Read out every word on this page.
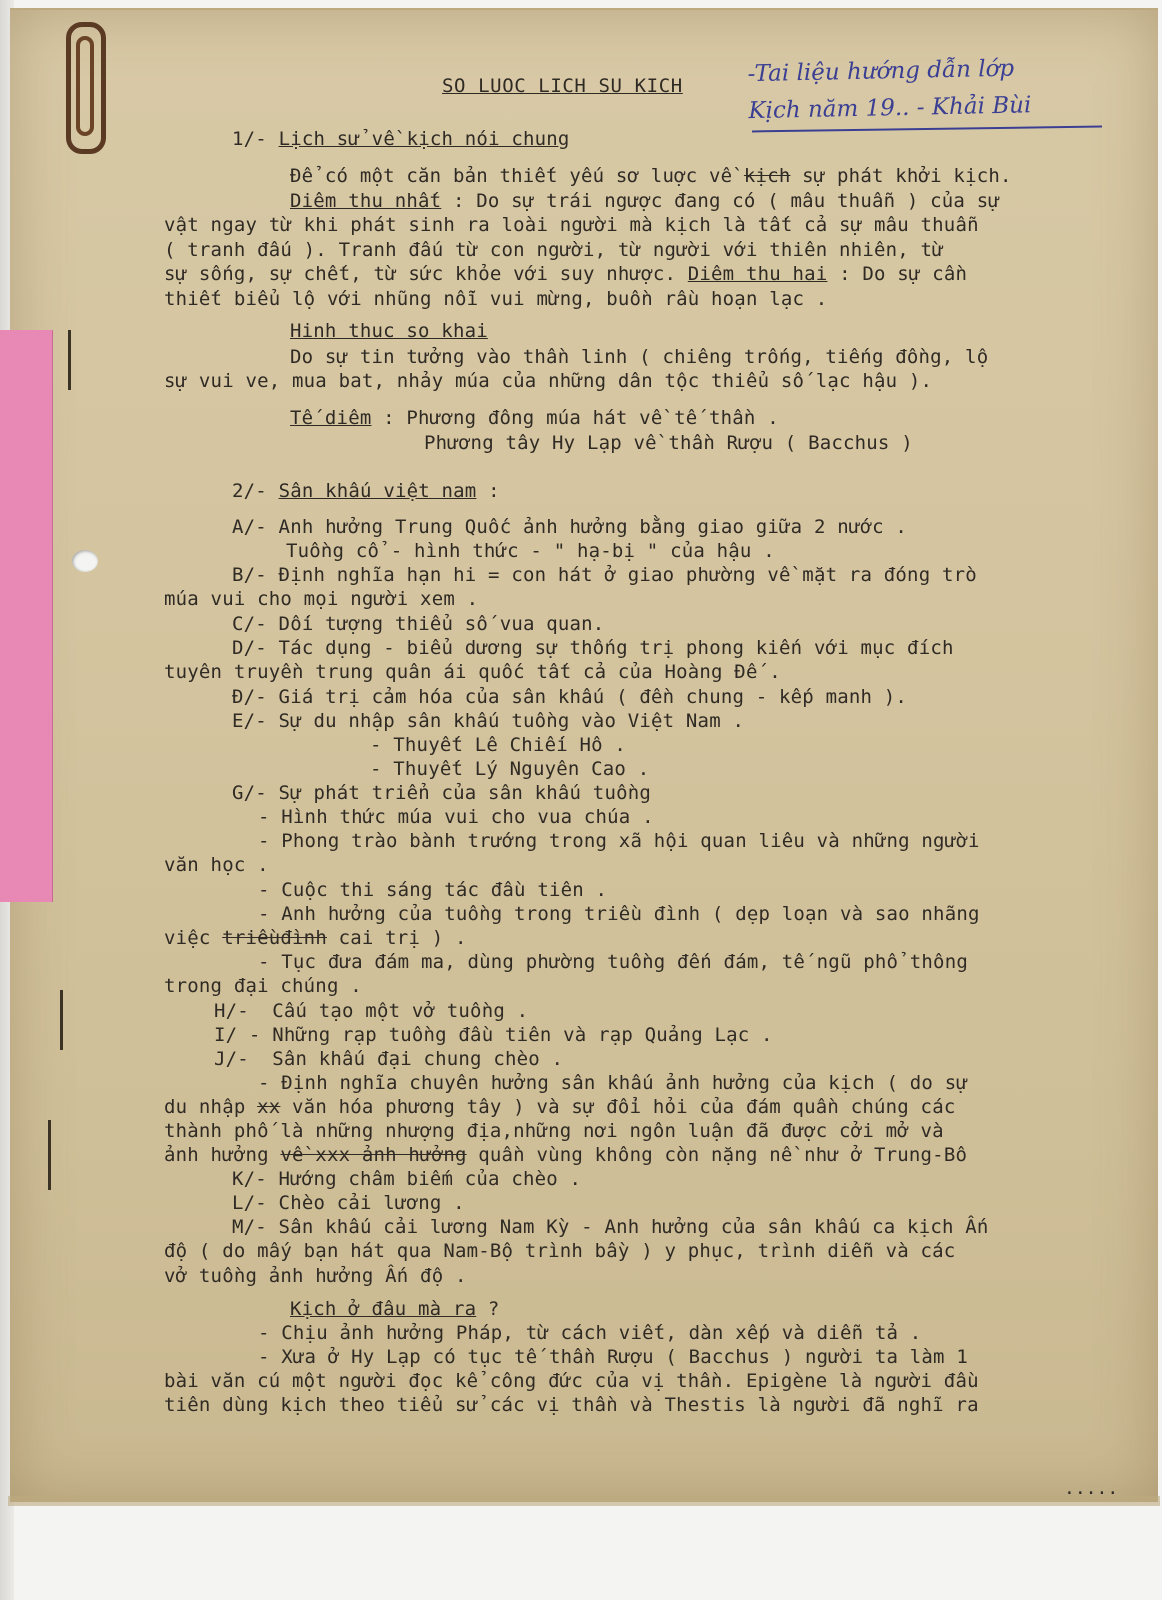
-Tai liệu hướng dẫn lớp
Kịch năm 19.. - Khải Bùi
SO LUOC LICH SU KICH
1/- Lịch sử về kịch nói chung
Để có một căn bản thiết yếu sơ luợc về kịch sự phát khởi kịch.
Diêm thu nhất : Do sự trái ngược đang có ( mâu thuẫn ) của sự
vật ngay từ khi phát sinh ra loài người mà kịch là tất cả sự mâu thuẫn
( tranh đấu ). Tranh đấu từ con người, từ người với thiên nhiên, từ
sự sống, sự chết, từ sức khỏe với suy nhược. Diêm thu hai : Do sự cần
thiết biểu lộ với nhũng nỗi vui mừng, buồn rầu hoạn lạc .
Hinh thuc so khai
Do sự tin tưởng vào thần linh ( chiêng trống, tiếng đồng, lộ
sự vui ve, mua bat, nhảy múa của những dân tộc thiểu số lạc hậu ).
Tế diêm : Phương đông múa hát về tế thần .
Phương tây Hy Lạp về thần Rượu ( Bacchus )
2/- Sân khấu việt nam :
A/- Anh hưởng Trung Quốc ảnh hưởng bằng giao giữa 2 nước .
Tuồng cổ - hình thức - " hạ-bị " của hậu .
B/- Định nghĩa hạn hi = con hát ở giao phường về mặt ra đóng trò
múa vui cho mọi người xem .
C/- Dối tượng thiểu số vua quan.
D/- Tác dụng - biểu dương sự thống trị phong kiến với mục đích
tuyên truyền trung quân ái quốc tất cả của Hoàng Đế .
Đ/- Giá trị cảm hóa của sân khấu ( đền chung - kếp manh ).
E/- Sự du nhập sân khấu tuồng vào Việt Nam .
- Thuyết Lê Chiếi Hô .
- Thuyết Lý Nguyên Cao .
G/- Sự phát triển của sân khấu tuồng
- Hình thức múa vui cho vua chúa .
- Phong trào bành trướng trong xã hội quan liêu và những người
văn học .
- Cuộc thi sáng tác đầu tiên .
- Anh hưởng của tuồng trong triều đình ( dẹp loạn và sao nhãng
việc triềuđình cai trị ) .
- Tục đưa đám ma, dùng phường tuồng đến đám, tế ngũ phổ thông
trong đại chúng .
H/-  Cấu tạo một vở tuồng .
I/ - Những rạp tuồng đầu tiên và rạp Quảng Lạc .
J/-  Sân khấu đại chung chèo .
- Định nghĩa chuyên hưởng sân khấu ảnh hưởng của kịch ( do sự
du nhập xx văn hóa phương tây ) và sự đổi hỏi của đám quần chúng các
thành phố là những nhượng địa,những nơi ngôn luận đã được cởi mở và
ảnh hưởng về xxx ảnh hưởng quần vùng không còn nặng nề như ở Trung-Bô
K/- Hướng châm biếm của chèo .
L/- Chèo cải lương .
M/- Sân khấu cải lương Nam Kỳ - Anh hưởng của sân khấu ca kịch Ấn
độ ( do mấy bạn hát qua Nam-Bộ trình bầy ) y phục, trình diễn và các
vở tuồng ảnh hưởng Ấn độ .
Kịch ở đâu mà ra ?
- Chịu ảnh hưởng Pháp, từ cách viết, dàn xếp và diễn tả .
- Xưa ở Hy Lạp có tục tế thần Rượu ( Bacchus ) người ta làm 1
bài văn cú một người đọc kể công đức của vị thần. Epigène là người đầu
tiên dùng kịch theo tiểu sử các vị thần và Thestis là người đã nghĩ ra
.....
